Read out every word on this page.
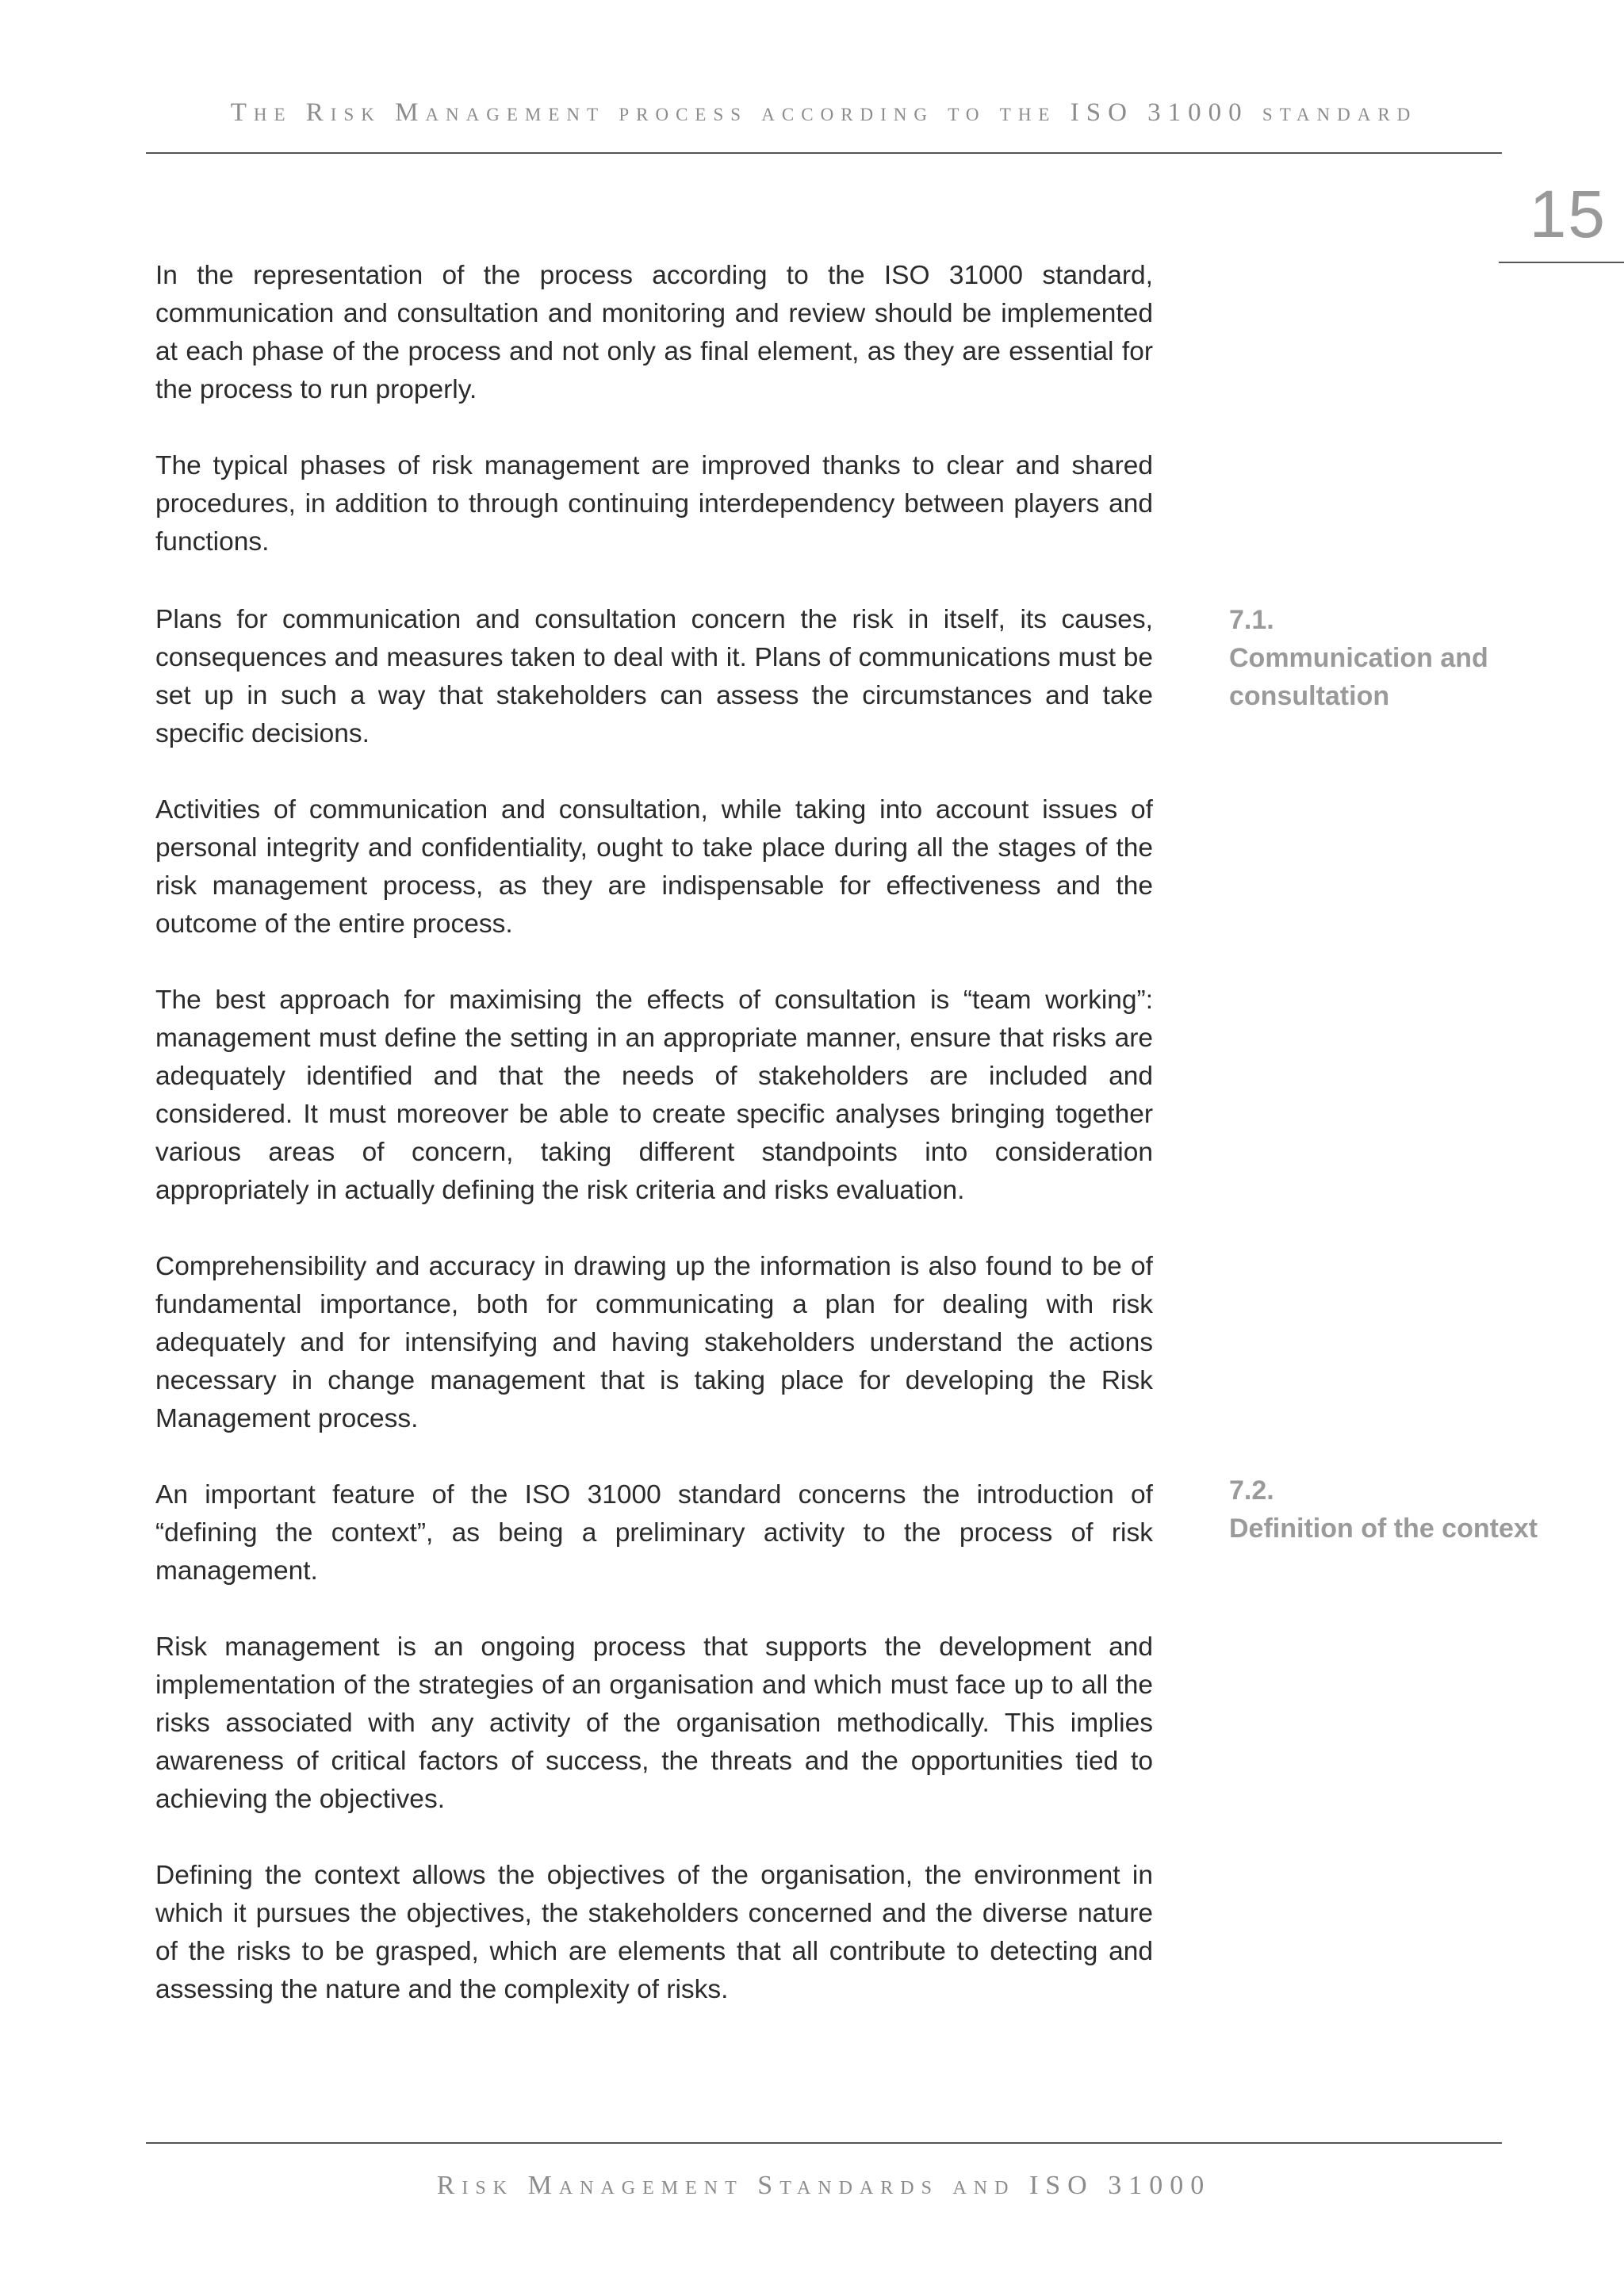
The Risk Management process according to the ISO 31000 standard
15

In the representation of the process according to the ISO 31000 standard, communication and consultation and monitoring and review should be implemented at each phase of the process and not only as final element, as they are essential for the process to run properly.

The typical phases of risk management are improved thanks to clear and shared procedures, in addition to through continuing interdependency between players and functions.

7.1.
Communication and consultation

Plans for communication and consultation concern the risk in itself, its causes, consequences and measures taken to deal with it. Plans of communications must be set up in such a way that stakeholders can assess the circumstances and take specific decisions.

Activities of communication and consultation, while taking into account issues of personal integrity and confidentiality, ought to take place during all the stages of the risk management process, as they are indispensable for effectiveness and the outcome of the entire process.

The best approach for maximising the effects of consultation is “team working”: management must define the setting in an appropriate manner, ensure that risks are adequately identified and that the needs of stakeholders are included and considered. It must moreover be able to create specific analyses bringing together various areas of concern, taking different standpoints into consideration appropriately in actually defining the risk criteria and risks evaluation.

Comprehensibility and accuracy in drawing up the information is also found to be of fundamental importance, both for communicating a plan for dealing with risk adequately and for intensifying and having stakeholders understand the actions necessary in change management that is taking place for developing the Risk Management process.

7.2.
Definition of the context

An important feature of the ISO 31000 standard concerns the introduction of “defining the context”, as being a preliminary activity to the process of risk management.

Risk management is an ongoing process that supports the development and implementation of the strategies of an organisation and which must face up to all the risks associated with any activity of the organisation methodically. This implies awareness of critical factors of success, the threats and the opportunities tied to achieving the objectives.

Defining the context allows the objectives of the organisation, the environment in which it pursues the objectives, the stakeholders concerned and the diverse nature of the risks to be grasped, which are elements that all contribute to detecting and assessing the nature and the complexity of risks.

Risk Management Standards and ISO 31000
